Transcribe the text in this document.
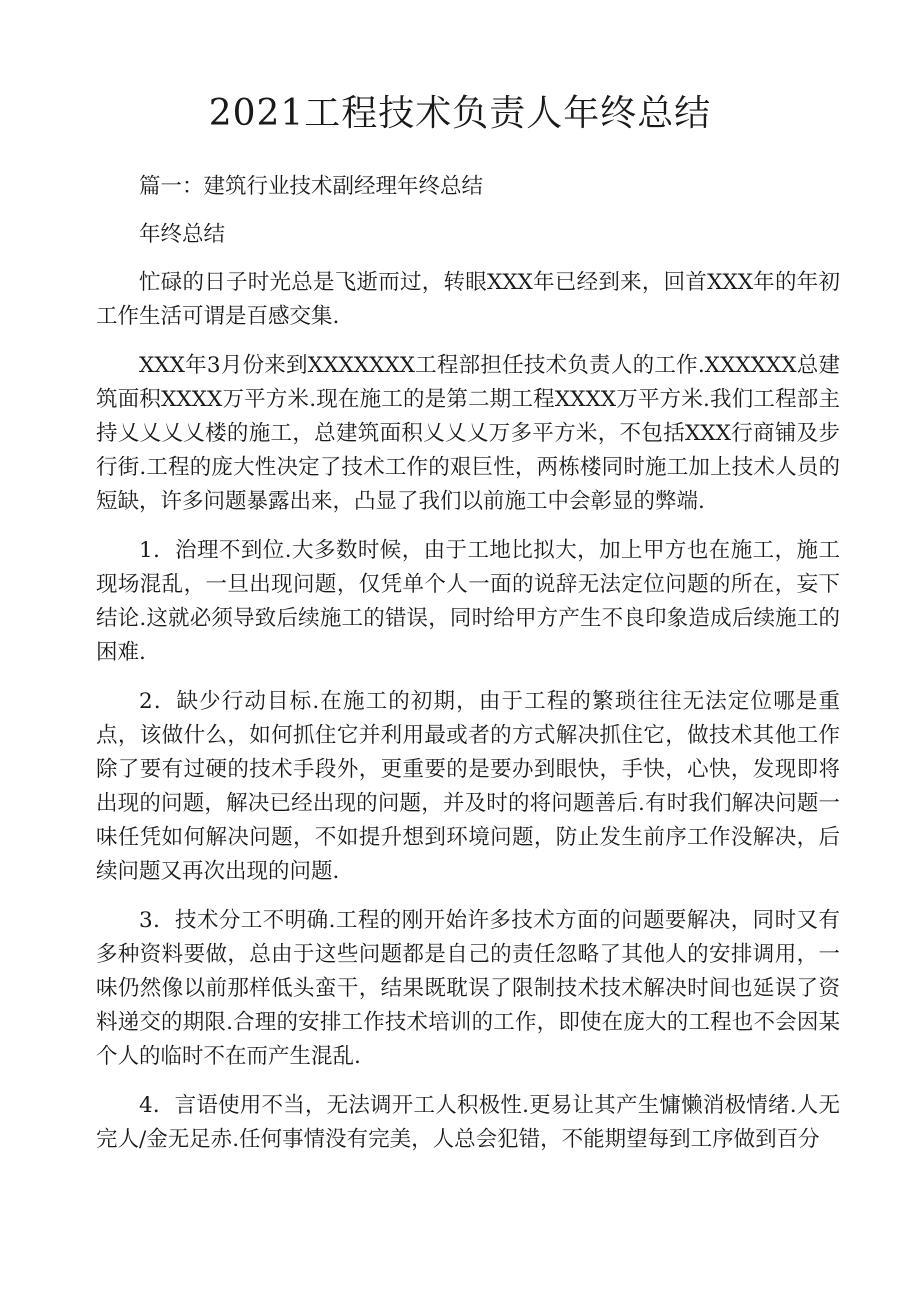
2021工程技术负责人年终总结

篇一：建筑行业技术副经理年终总结

年终总结

忙碌的日子时光总是飞逝而过，转眼XXX年已经到来，回首XXX年的年初工作生活可谓是百感交集.

XXX年3月份来到XXXXXXX工程部担任技术负责人的工作.XXXXXX总建筑面积XXXX万平方米.现在施工的是第二期工程XXXX万平方米.我们工程部主持乂乂乂乂楼的施工，总建筑面积乂乂乂万多平方米，不包括XXX行商铺及步行街.工程的庞大性决定了技术工作的艰巨性，两栋楼同时施工加上技术人员的短缺，许多问题暴露出来，凸显了我们以前施工中会彰显的弊端.

1．治理不到位.大多数时候，由于工地比拟大，加上甲方也在施工，施工现场混乱，一旦出现问题，仅凭单个人一面的说辞无法定位问题的所在，妄下结论.这就必须导致后续施工的错误，同时给甲方产生不良印象造成后续施工的困难.

2．缺少行动目标.在施工的初期，由于工程的繁琐往往无法定位哪是重点，该做什么，如何抓住它并利用最或者的方式解决抓住它，做技术其他工作除了要有过硬的技术手段外，更重要的是要办到眼快，手快，心快，发现即将出现的问题，解决已经出现的问题，并及时的将问题善后.有时我们解决问题一味任凭如何解决问题，不如提升想到环境问题，防止发生前序工作没解决，后续问题又再次出现的问题.

3．技术分工不明确.工程的刚开始许多技术方面的问题要解决，同时又有多种资料要做，总由于这些问题都是自己的责任忽略了其他人的安排调用，一味仍然像以前那样低头蛮干，结果既耽误了限制技术技术解决时间也延误了资料递交的期限.合理的安排工作技术培训的工作，即使在庞大的工程也不会因某个人的临时不在而产生混乱.

4．言语使用不当，无法调开工人积极性.更易让其产生慵懒消极情绪.人无完人/金无足赤.任何事情没有完美，人总会犯错，不能期望每到工序做到百分
